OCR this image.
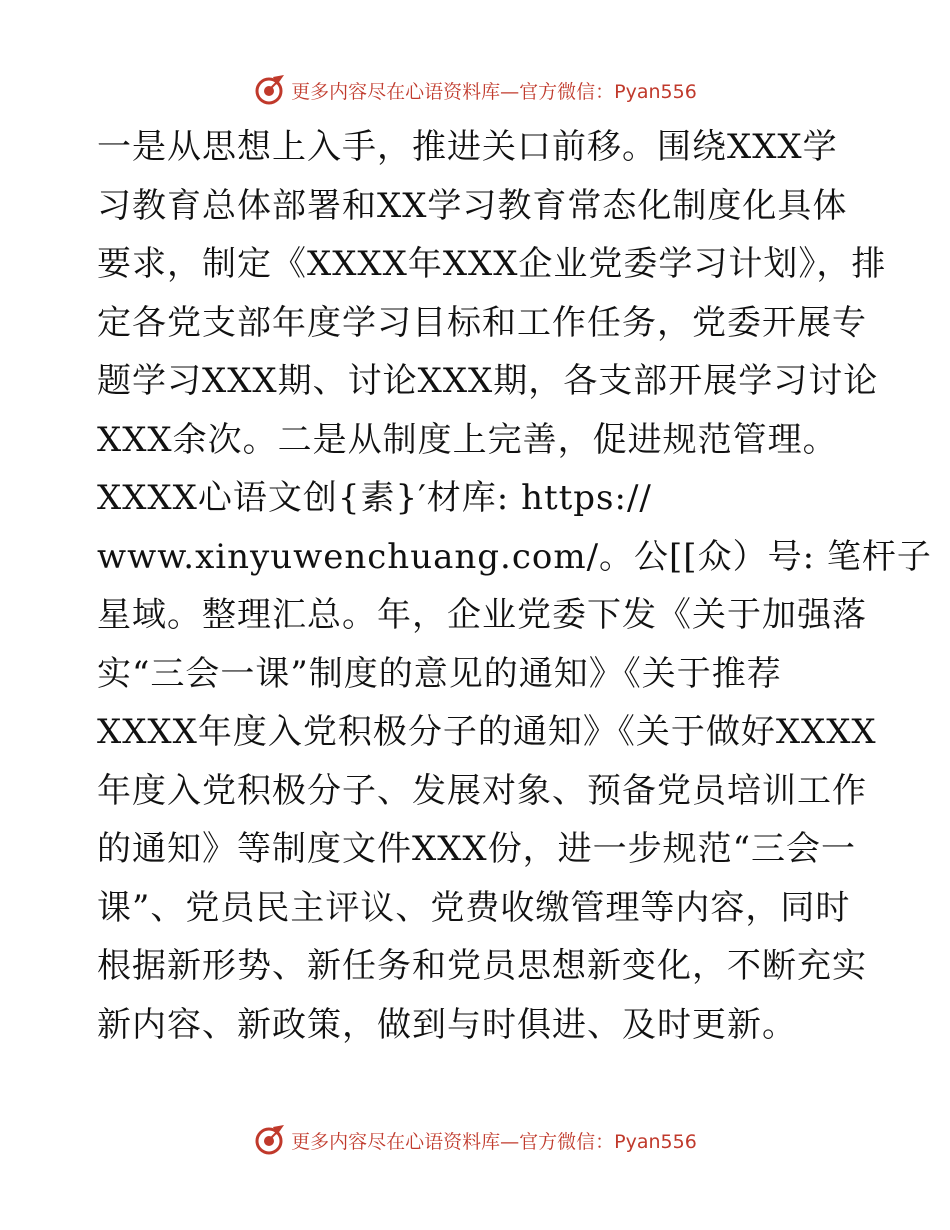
更多内容尽在心语资料库—官方微信：Pyan556
一是从思想上入手，推进关口前移。围绕XXX学
习教育总体部署和XX学习教育常态化制度化具体
要求，制定《XXXX年XXX企业党委学习计划》，排
定各党支部年度学习目标和工作任务，党委开展专
题学习XXX期、讨论XXX期，各支部开展学习讨论
XXX余次。二是从制度上完善，促进规范管理。
XXXX心语文创{素}′材库: https://
www.xinyuwenchuang.com/。公[[众）号: 笔杆子
星域。整理汇总。年，企业党委下发《关于加强落
实“三会一课”制度的意见的通知》《关于推荐
XXXX年度入党积极分子的通知》《关于做好XXXX
年度入党积极分子、发展对象、预备党员培训工作
的通知》等制度文件XXX份，进一步规范“三会一
课”、党员民主评议、党费收缴管理等内容，同时
根据新形势、新任务和党员思想新变化，不断充实
新内容、新政策，做到与时俱进、及时更新。
更多内容尽在心语资料库—官方微信：Pyan556
